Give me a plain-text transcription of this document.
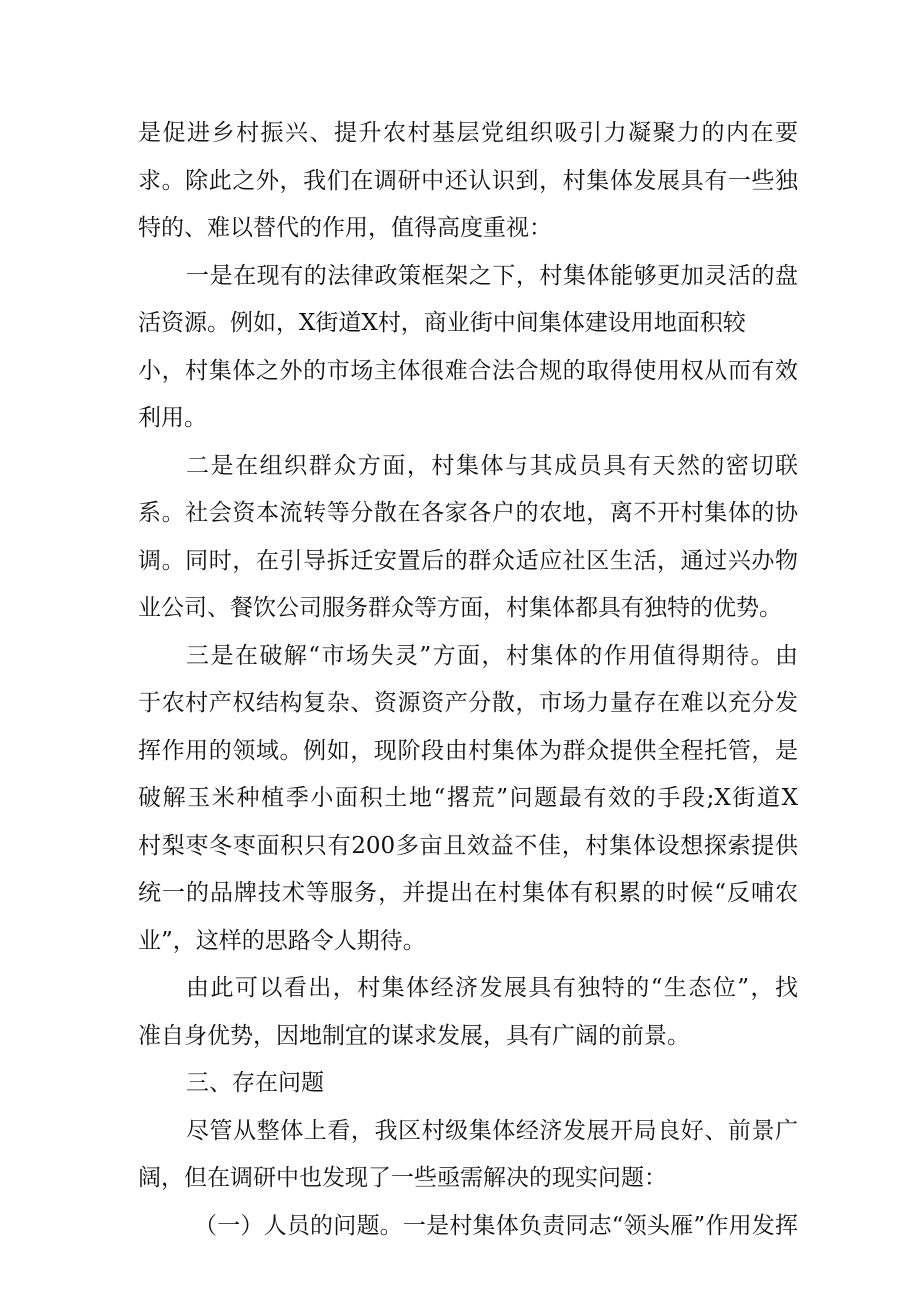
是促进乡村振兴、提升农村基层党组织吸引力凝聚力的内在要
求。除此之外，我们在调研中还认识到，村集体发展具有一些独
特的、难以替代的作用，值得高度重视：
一是在现有的法律政策框架之下，村集体能够更加灵活的盘
活资源。例如，X街道X村，商业街中间集体建设用地面积较
小，村集体之外的市场主体很难合法合规的取得使用权从而有效
利用。
二是在组织群众方面，村集体与其成员具有天然的密切联
系。社会资本流转等分散在各家各户的农地，离不开村集体的协
调。同时，在引导拆迁安置后的群众适应社区生活，通过兴办物
业公司、餐饮公司服务群众等方面，村集体都具有独特的优势。
三是在破解“市场失灵”方面，村集体的作用值得期待。由
于农村产权结构复杂、资源资产分散，市场力量存在难以充分发
挥作用的领域。例如，现阶段由村集体为群众提供全程托管，是
破解玉米种植季小面积土地“撂荒”问题最有效的手段;X街道X
村梨枣冬枣面积只有200多亩且效益不佳，村集体设想探索提供
统一的品牌技术等服务，并提出在村集体有积累的时候“反哺农
业”，这样的思路令人期待。
由此可以看出，村集体经济发展具有独特的“生态位”，找
准自身优势，因地制宜的谋求发展，具有广阔的前景。
三、存在问题
尽管从整体上看，我区村级集体经济发展开局良好、前景广
阔，但在调研中也发现了一些亟需解决的现实问题：
（一）人员的问题。一是村集体负责同志“领头雁”作用发挥
